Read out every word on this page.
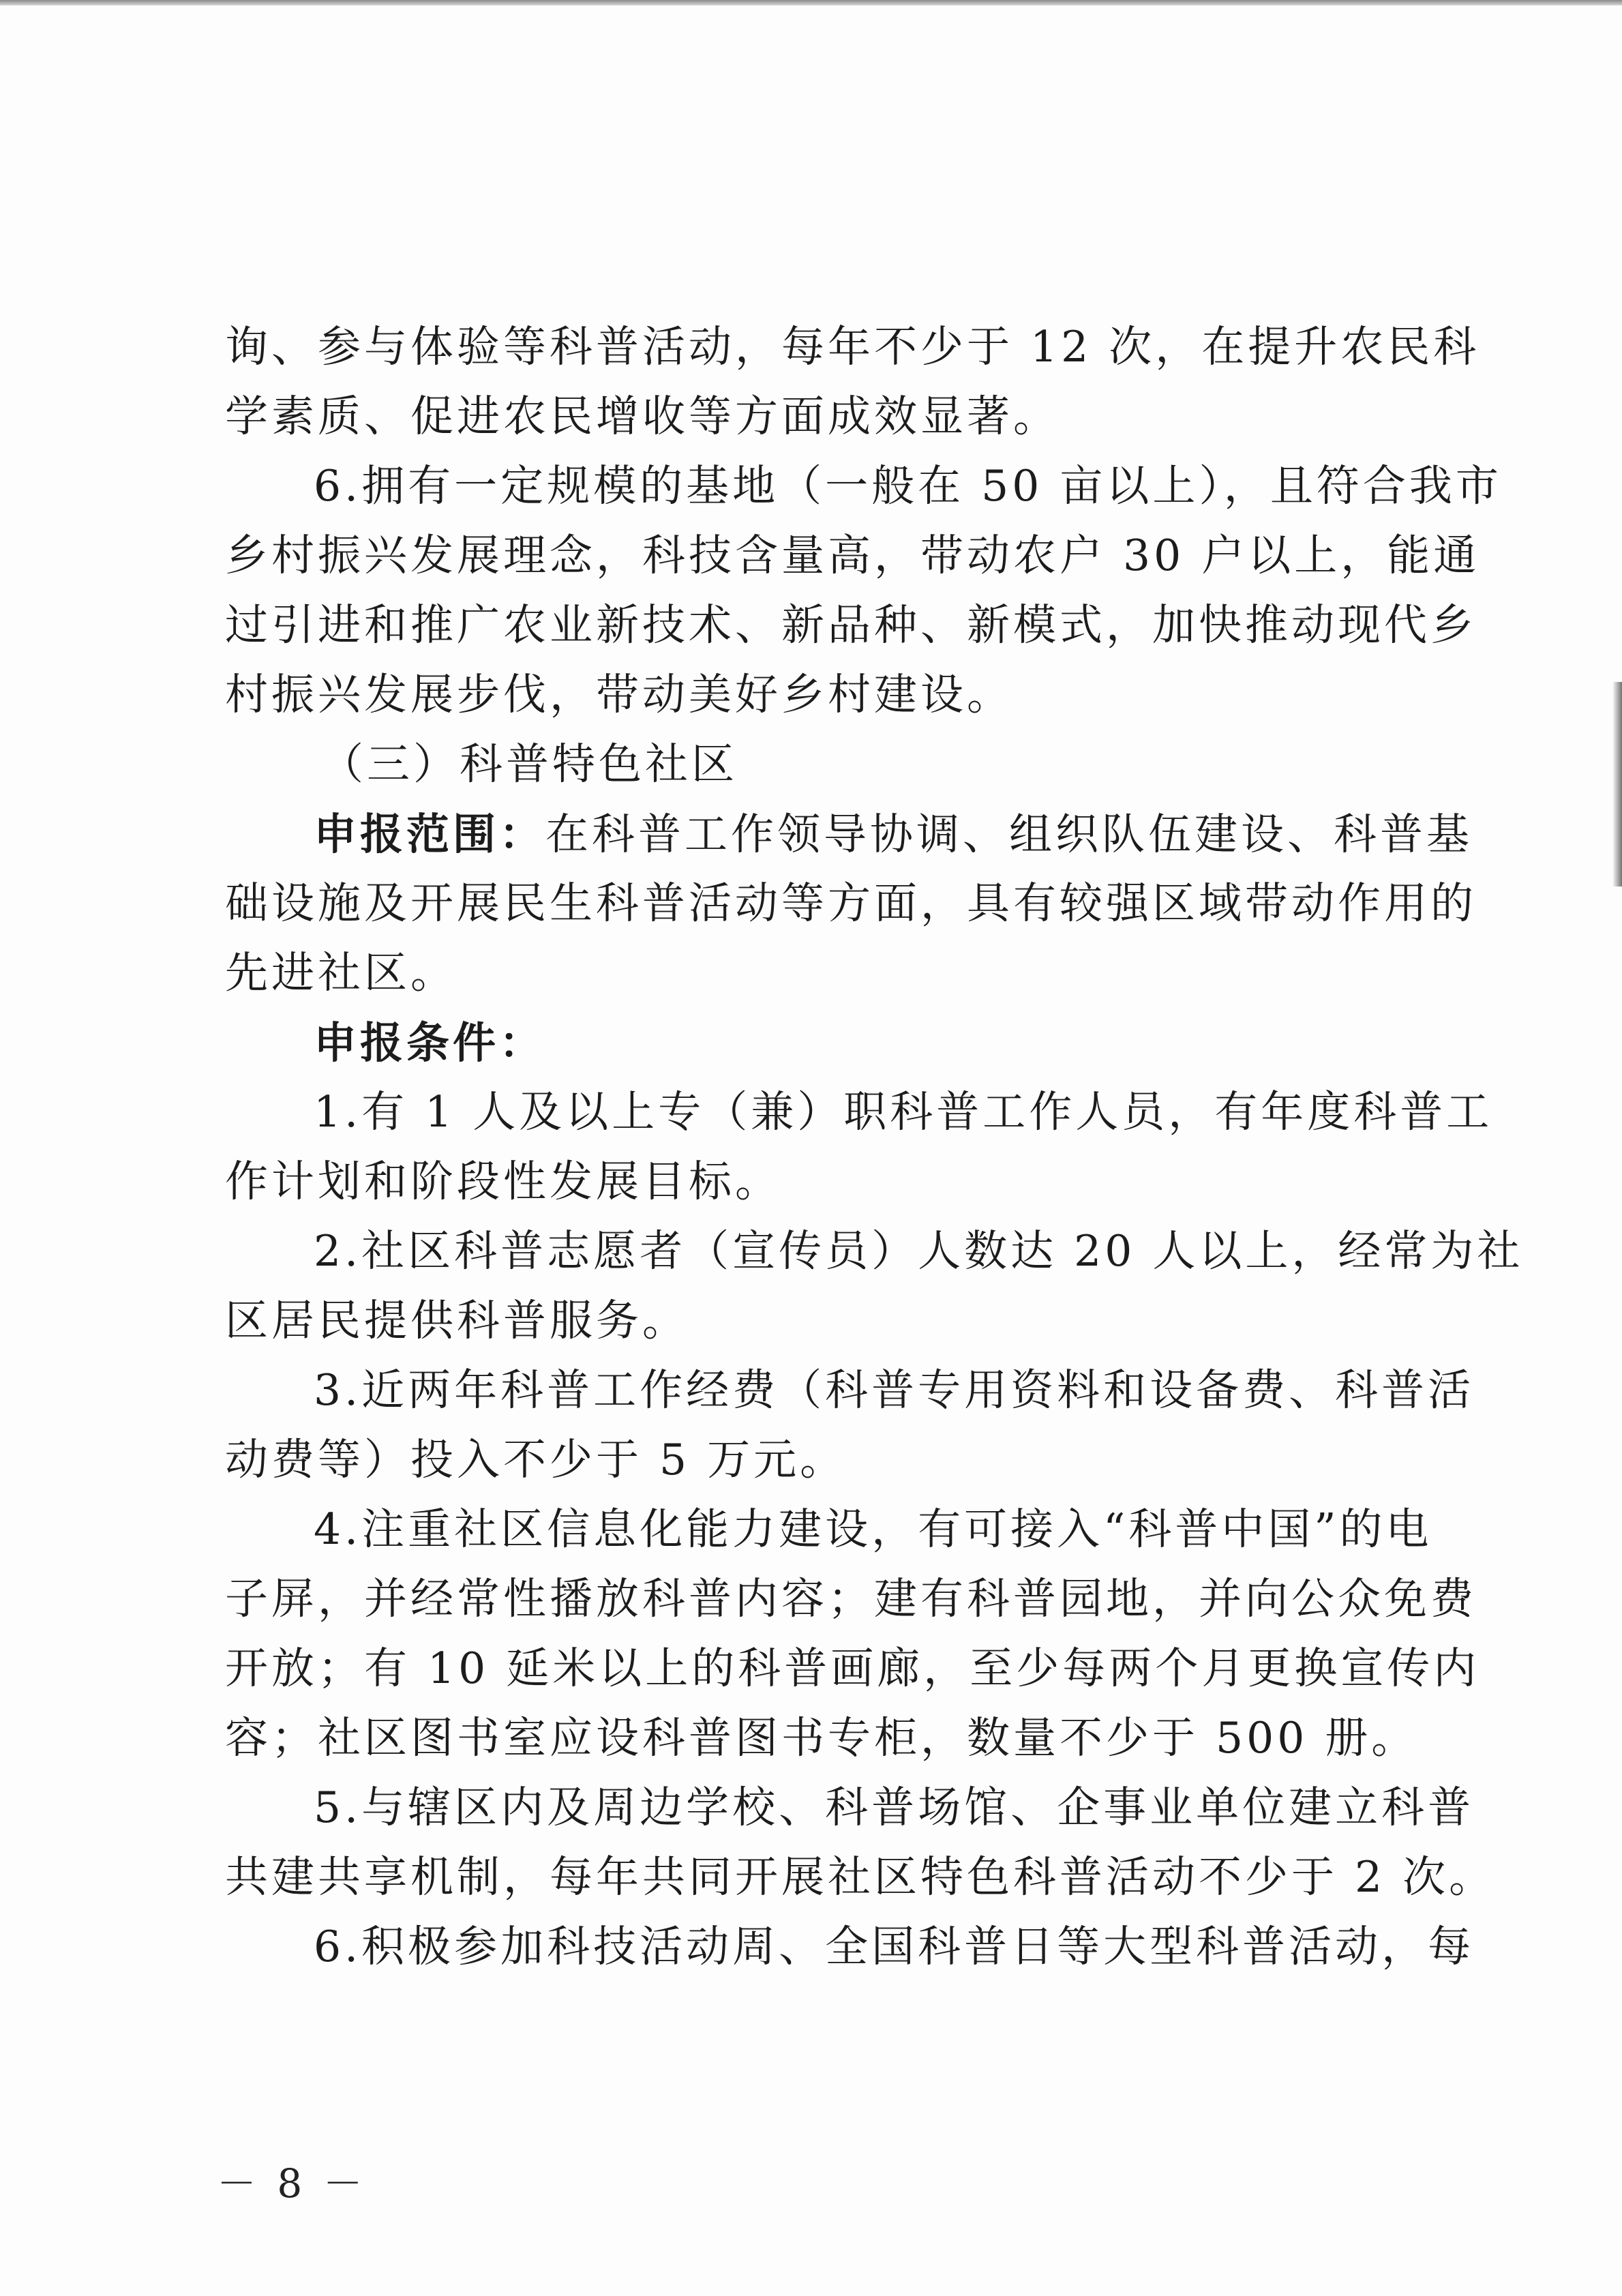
询、参与体验等科普活动，每年不少于 12 次，在提升农民科
学素质、促进农民增收等方面成效显著。
6.拥有一定规模的基地（一般在 50 亩以上），且符合我市
乡村振兴发展理念，科技含量高，带动农户 30 户以上，能通
过引进和推广农业新技术、新品种、新模式，加快推动现代乡
村振兴发展步伐，带动美好乡村建设。
（三）科普特色社区
申报范围：在科普工作领导协调、组织队伍建设、科普基
础设施及开展民生科普活动等方面，具有较强区域带动作用的
先进社区。
申报条件：
1.有 1 人及以上专（兼）职科普工作人员，有年度科普工
作计划和阶段性发展目标。
2.社区科普志愿者（宣传员）人数达 20 人以上，经常为社
区居民提供科普服务。
3.近两年科普工作经费（科普专用资料和设备费、科普活
动费等）投入不少于 5 万元。
4.注重社区信息化能力建设，有可接入“科普中国”的电
子屏，并经常性播放科普内容；建有科普园地，并向公众免费
开放；有 10 延米以上的科普画廊，至少每两个月更换宣传内
容；社区图书室应设科普图书专柜，数量不少于 500 册。
5.与辖区内及周边学校、科普场馆、企事业单位建立科普
共建共享机制，每年共同开展社区特色科普活动不少于 2 次。
6.积极参加科技活动周、全国科普日等大型科普活动，每
－ 8 －
